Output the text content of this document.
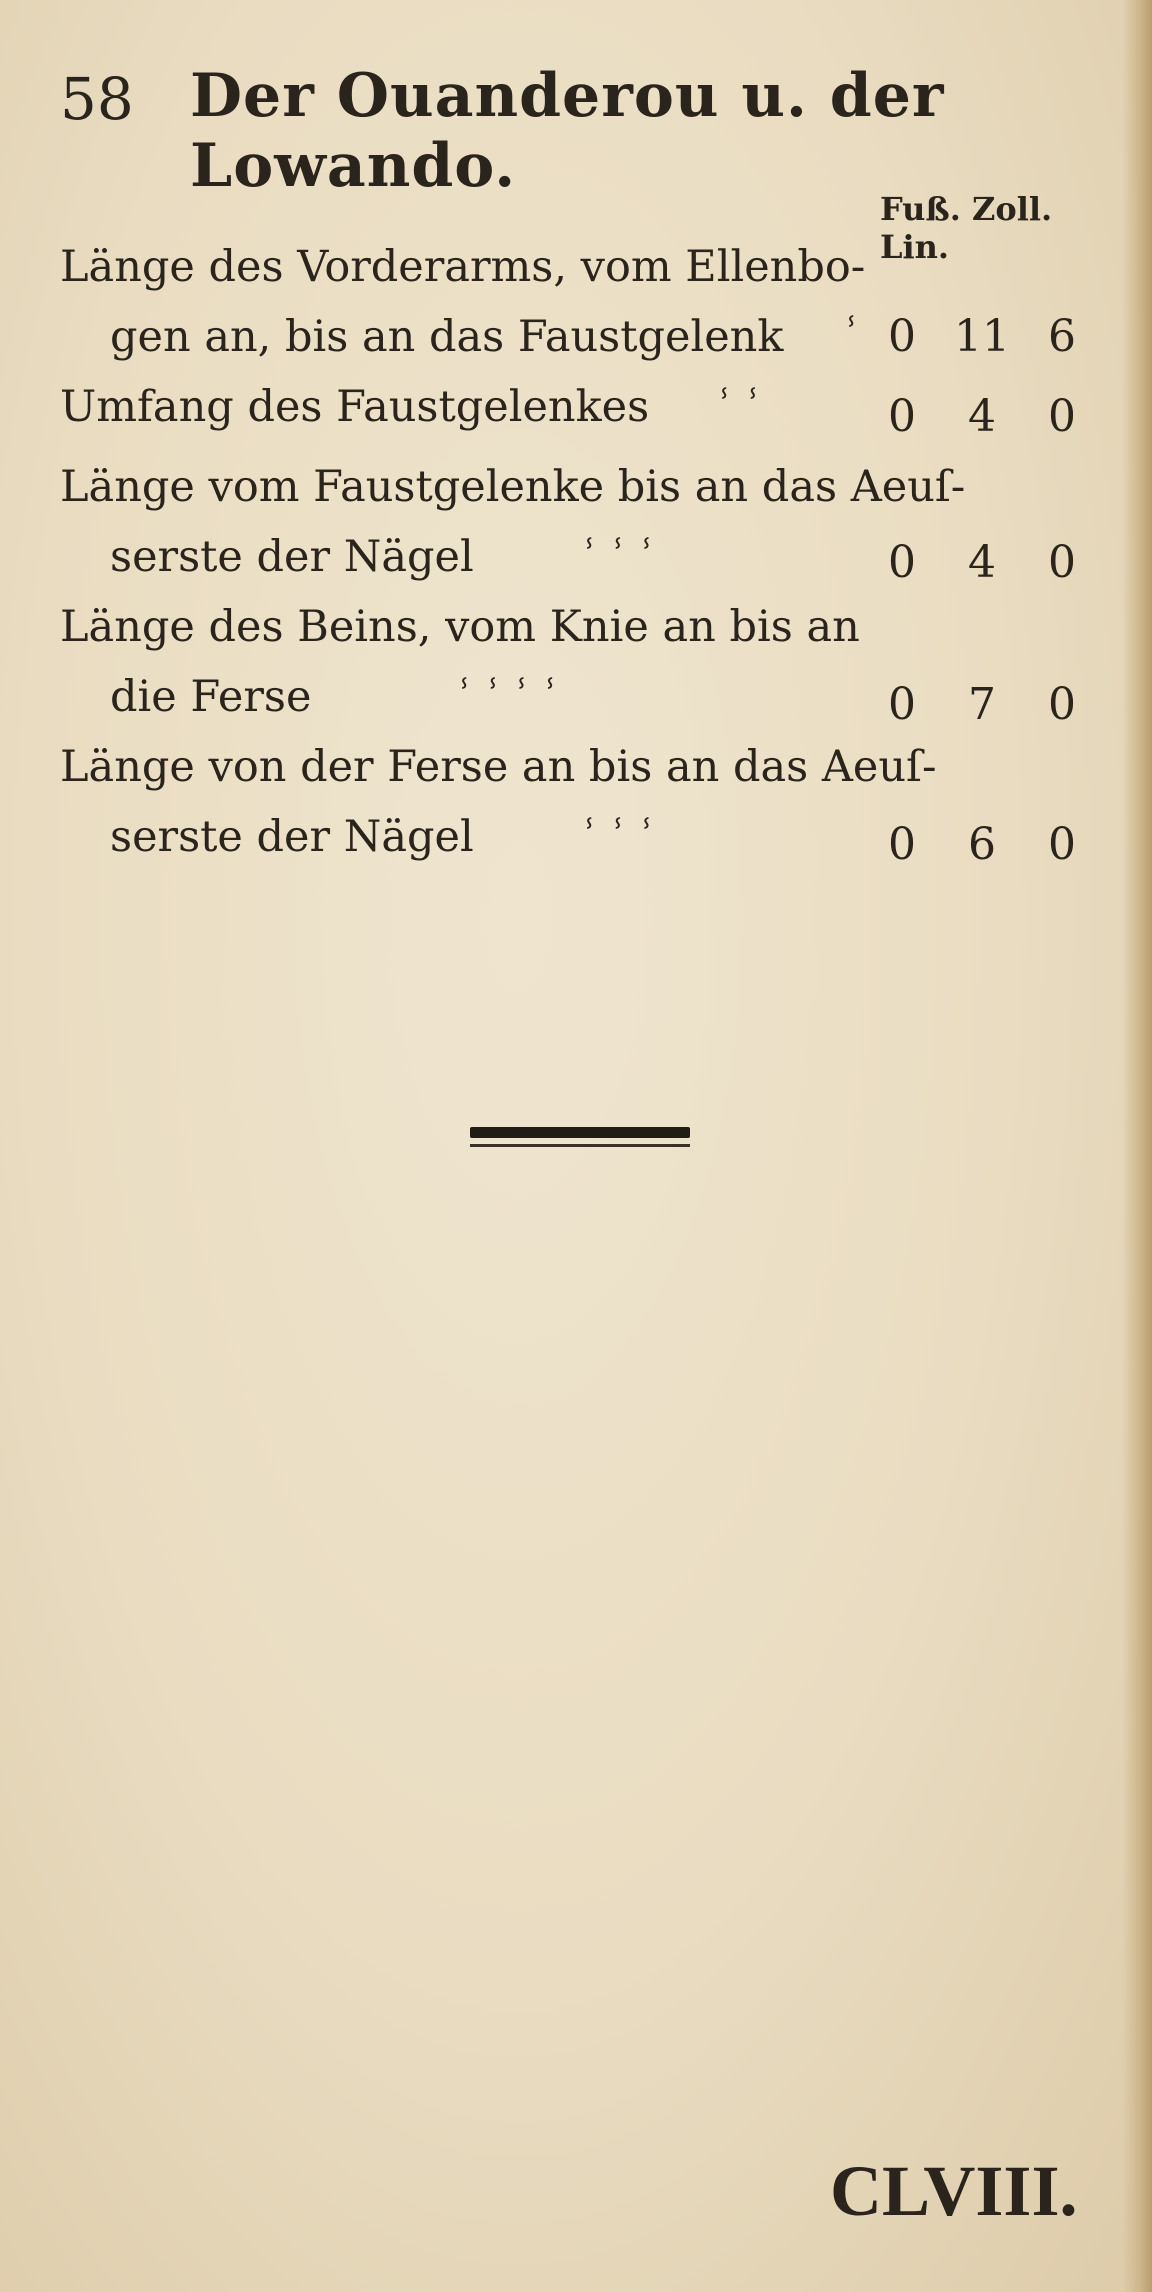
58 Der Ouanderou u. der Lowando.
Fuß. Zoll. Lin.
Länge des Vorderarms, vom Ellenbo-
gen an, bis an das Faustgelenk	ⸯ 0 11 6
Umfang des Faustgelenkes	ⸯ ⸯ	0 4 0
Länge vom Faustgelenke bis an das Aeuſ-
serste der Nägel	ⸯ ⸯ ⸯ	0 4 0
Länge des Beins, vom Knie an bis an
die Ferse	ⸯ ⸯ ⸯ ⸯ	0 7 0
Länge von der Ferse an bis an das Aeuſ-
serste der Nägel	ⸯ ⸯ ⸯ	0 6 0
CLVIII.
